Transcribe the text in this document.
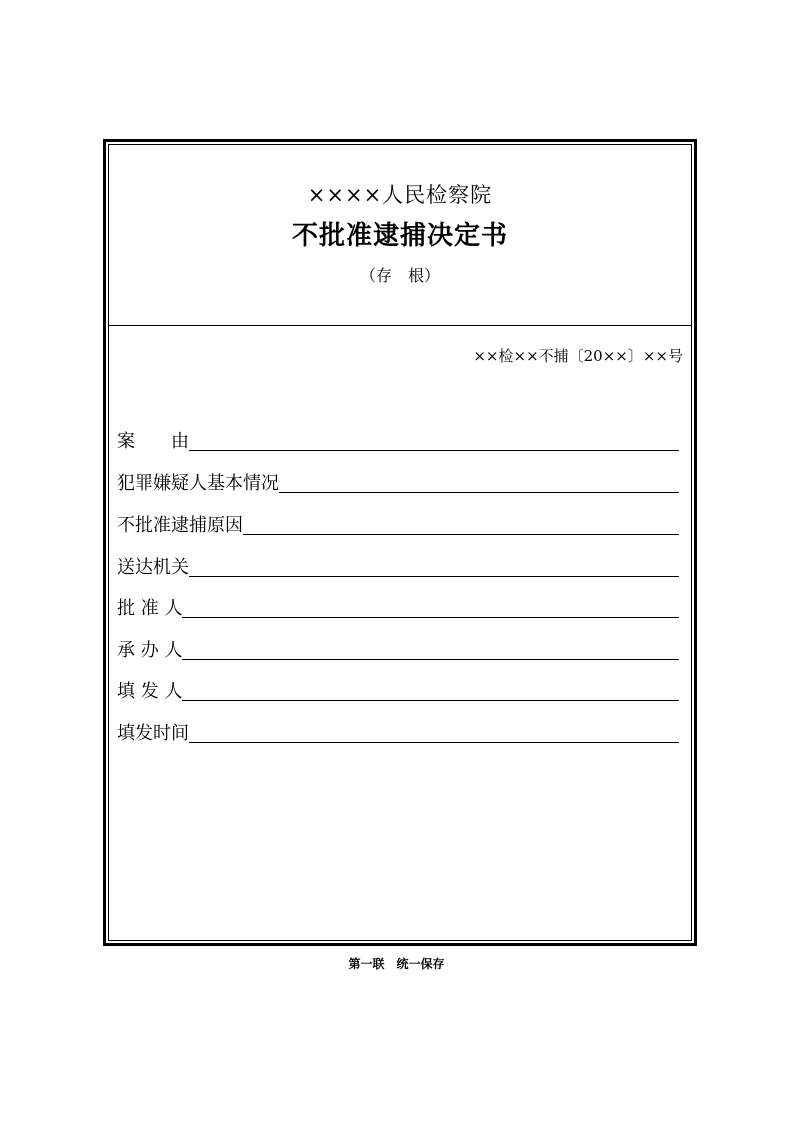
××××人民检察院
不批准逮捕决定书
（存　根）
××检××不捕〔20××〕××号
案　　由
犯罪嫌疑人基本情况
不批准逮捕原因
送达机关
批 准 人
承 办 人
填 发 人
填发时间
第一联　统一保存
